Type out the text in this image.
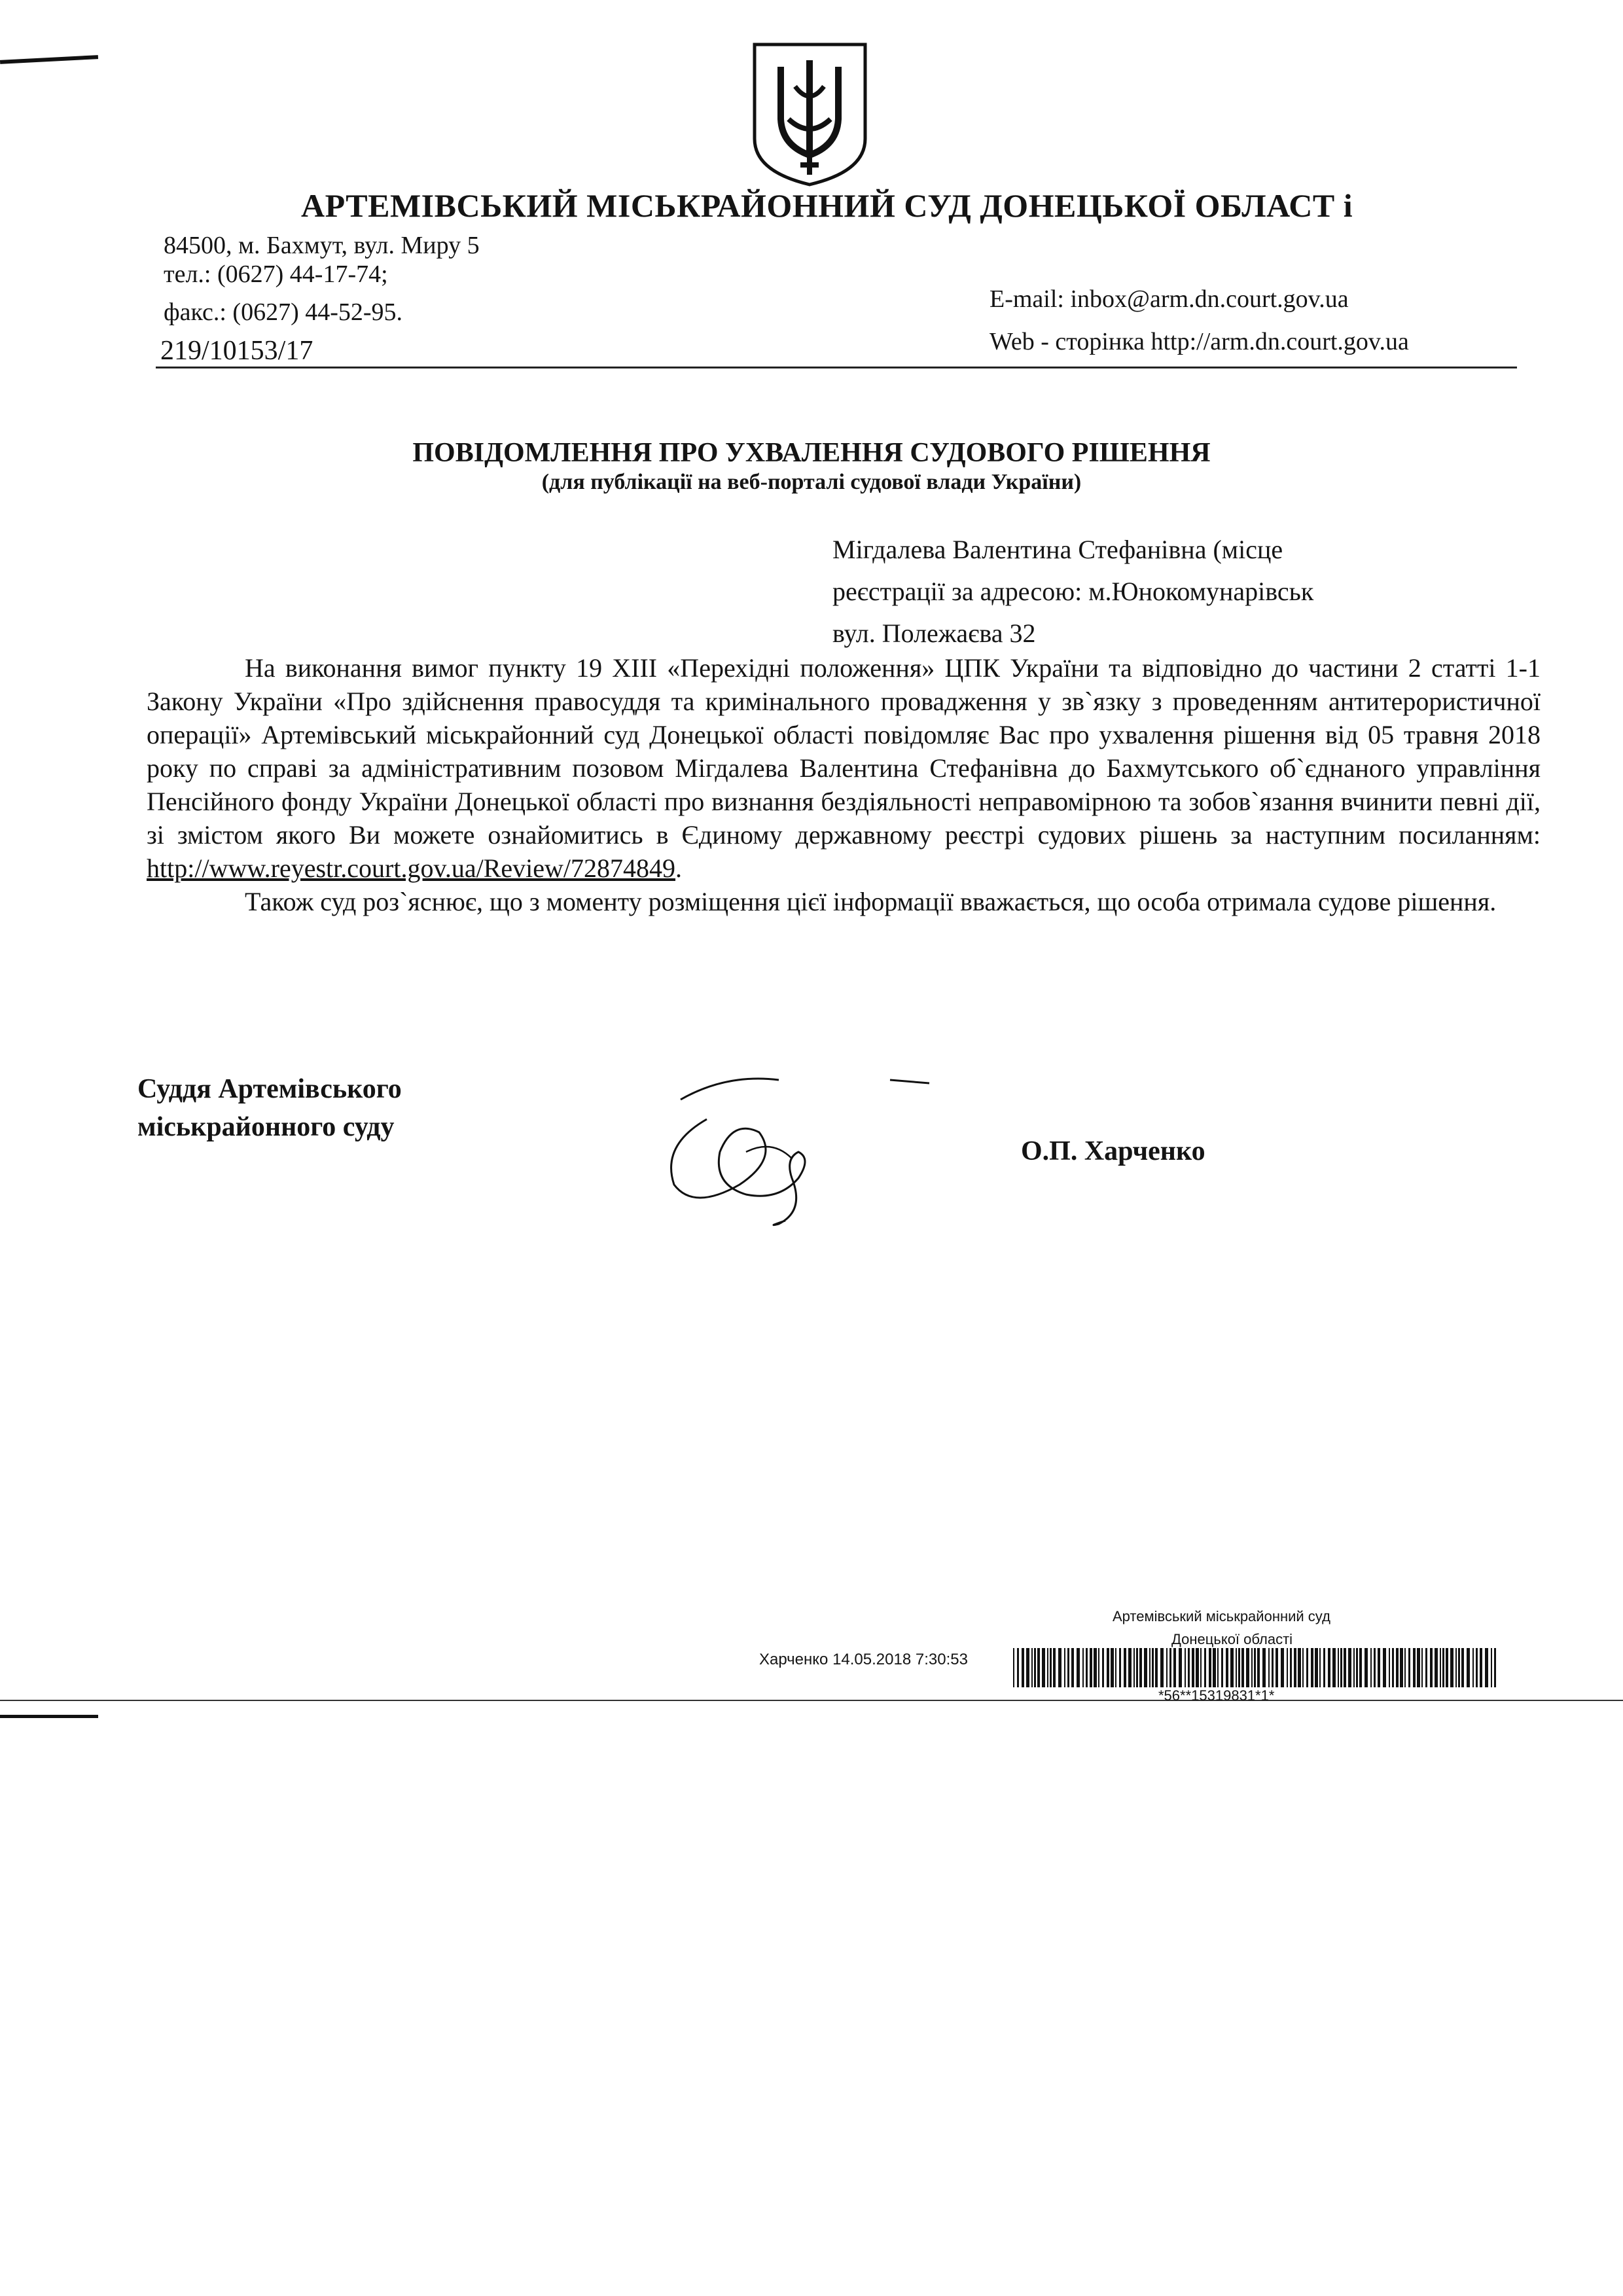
АРТЕМІВСЬКИЙ МІСЬКРАЙОННИЙ СУД ДОНЕЦЬКОЇ ОБЛАСТ і
84500, м. Бахмут, вул. Миру 5
тел.: (0627) 44-17-74;
факс.: (0627) 44-52-95.
219/10153/17
E-mail: inbox@arm.dn.court.gov.ua
Web - сторінка http://arm.dn.court.gov.ua
ПОВІДОМЛЕННЯ ПРО УХВАЛЕННЯ СУДОВОГО РІШЕННЯ
(для публікації на веб-порталі судової влади України)
Мігдалева Валентина Стефанівна (місце
реєстрації за адресою: м.Юнокомунарівськ
вул. Полежаєва 32

На виконання вимог пункту 19 XIII «Перехідні положення» ЦПК України та відповідно до частини 2 статті 1-1 Закону України «Про здійснення правосуддя та кримінального провадження у зв`язку з проведенням антитерористичної операції» Артемівський міськрайонний суд Донецької області повідомляє Вас про ухвалення рішення від 05 травня 2018 року по справі за адміністративним позовом Мігдалева Валентина Стефанівна до Бахмутського об`єднаного управління Пенсійного фонду України Донецької області про визнання бездіяльності неправомірною та зобов`язання вчинити певні дії, зі змістом якого Ви можете ознайомитись в Єдиному державному реєстрі судових рішень за наступним посиланням: http://www.reyestr.court.gov.ua/Review/72874849.

Також суд роз`яснює, що з моменту розміщення цієї інформації вважається, що особа отримала судове рішення.

Суддя Артемівського
міськрайонного суду
О.П. Харченко
Артемівський міськрайонний суд
Донецької області
Харченко 14.05.2018 7:30:53
*56**15319831*1*
